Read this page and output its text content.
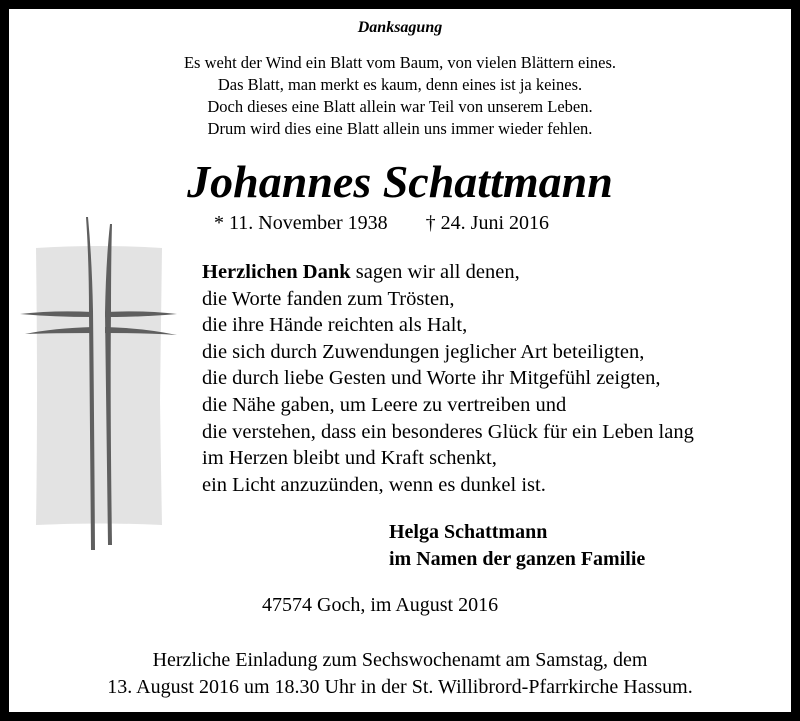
Danksagung
Es weht der Wind ein Blatt vom Baum, von vielen Blättern eines.
Das Blatt, man merkt es kaum, denn eines ist ja keines.
Doch dieses eine Blatt allein war Teil von unserem Leben.
Drum wird dies eine Blatt allein uns immer wieder fehlen.
Johannes Schattmann
* 11. November 1938 † 24. Juni 2016
Herzlichen Dank sagen wir all denen,
die Worte fanden zum Trösten,
die ihre Hände reichten als Halt,
die sich durch Zuwendungen jeglicher Art beteiligten,
die durch liebe Gesten und Worte ihr Mitgefühl zeigten,
die Nähe gaben, um Leere zu vertreiben und
die verstehen, dass ein besonderes Glück für ein Leben lang
im Herzen bleibt und Kraft schenkt,
ein Licht anzuzünden, wenn es dunkel ist.
Helga Schattmann
im Namen der ganzen Familie
47574 Goch, im August 2016
Herzliche Einladung zum Sechswochenamt am Samstag, dem
13. August 2016 um 18.30 Uhr in der St. Willibrord-Pfarrkirche Hassum.
